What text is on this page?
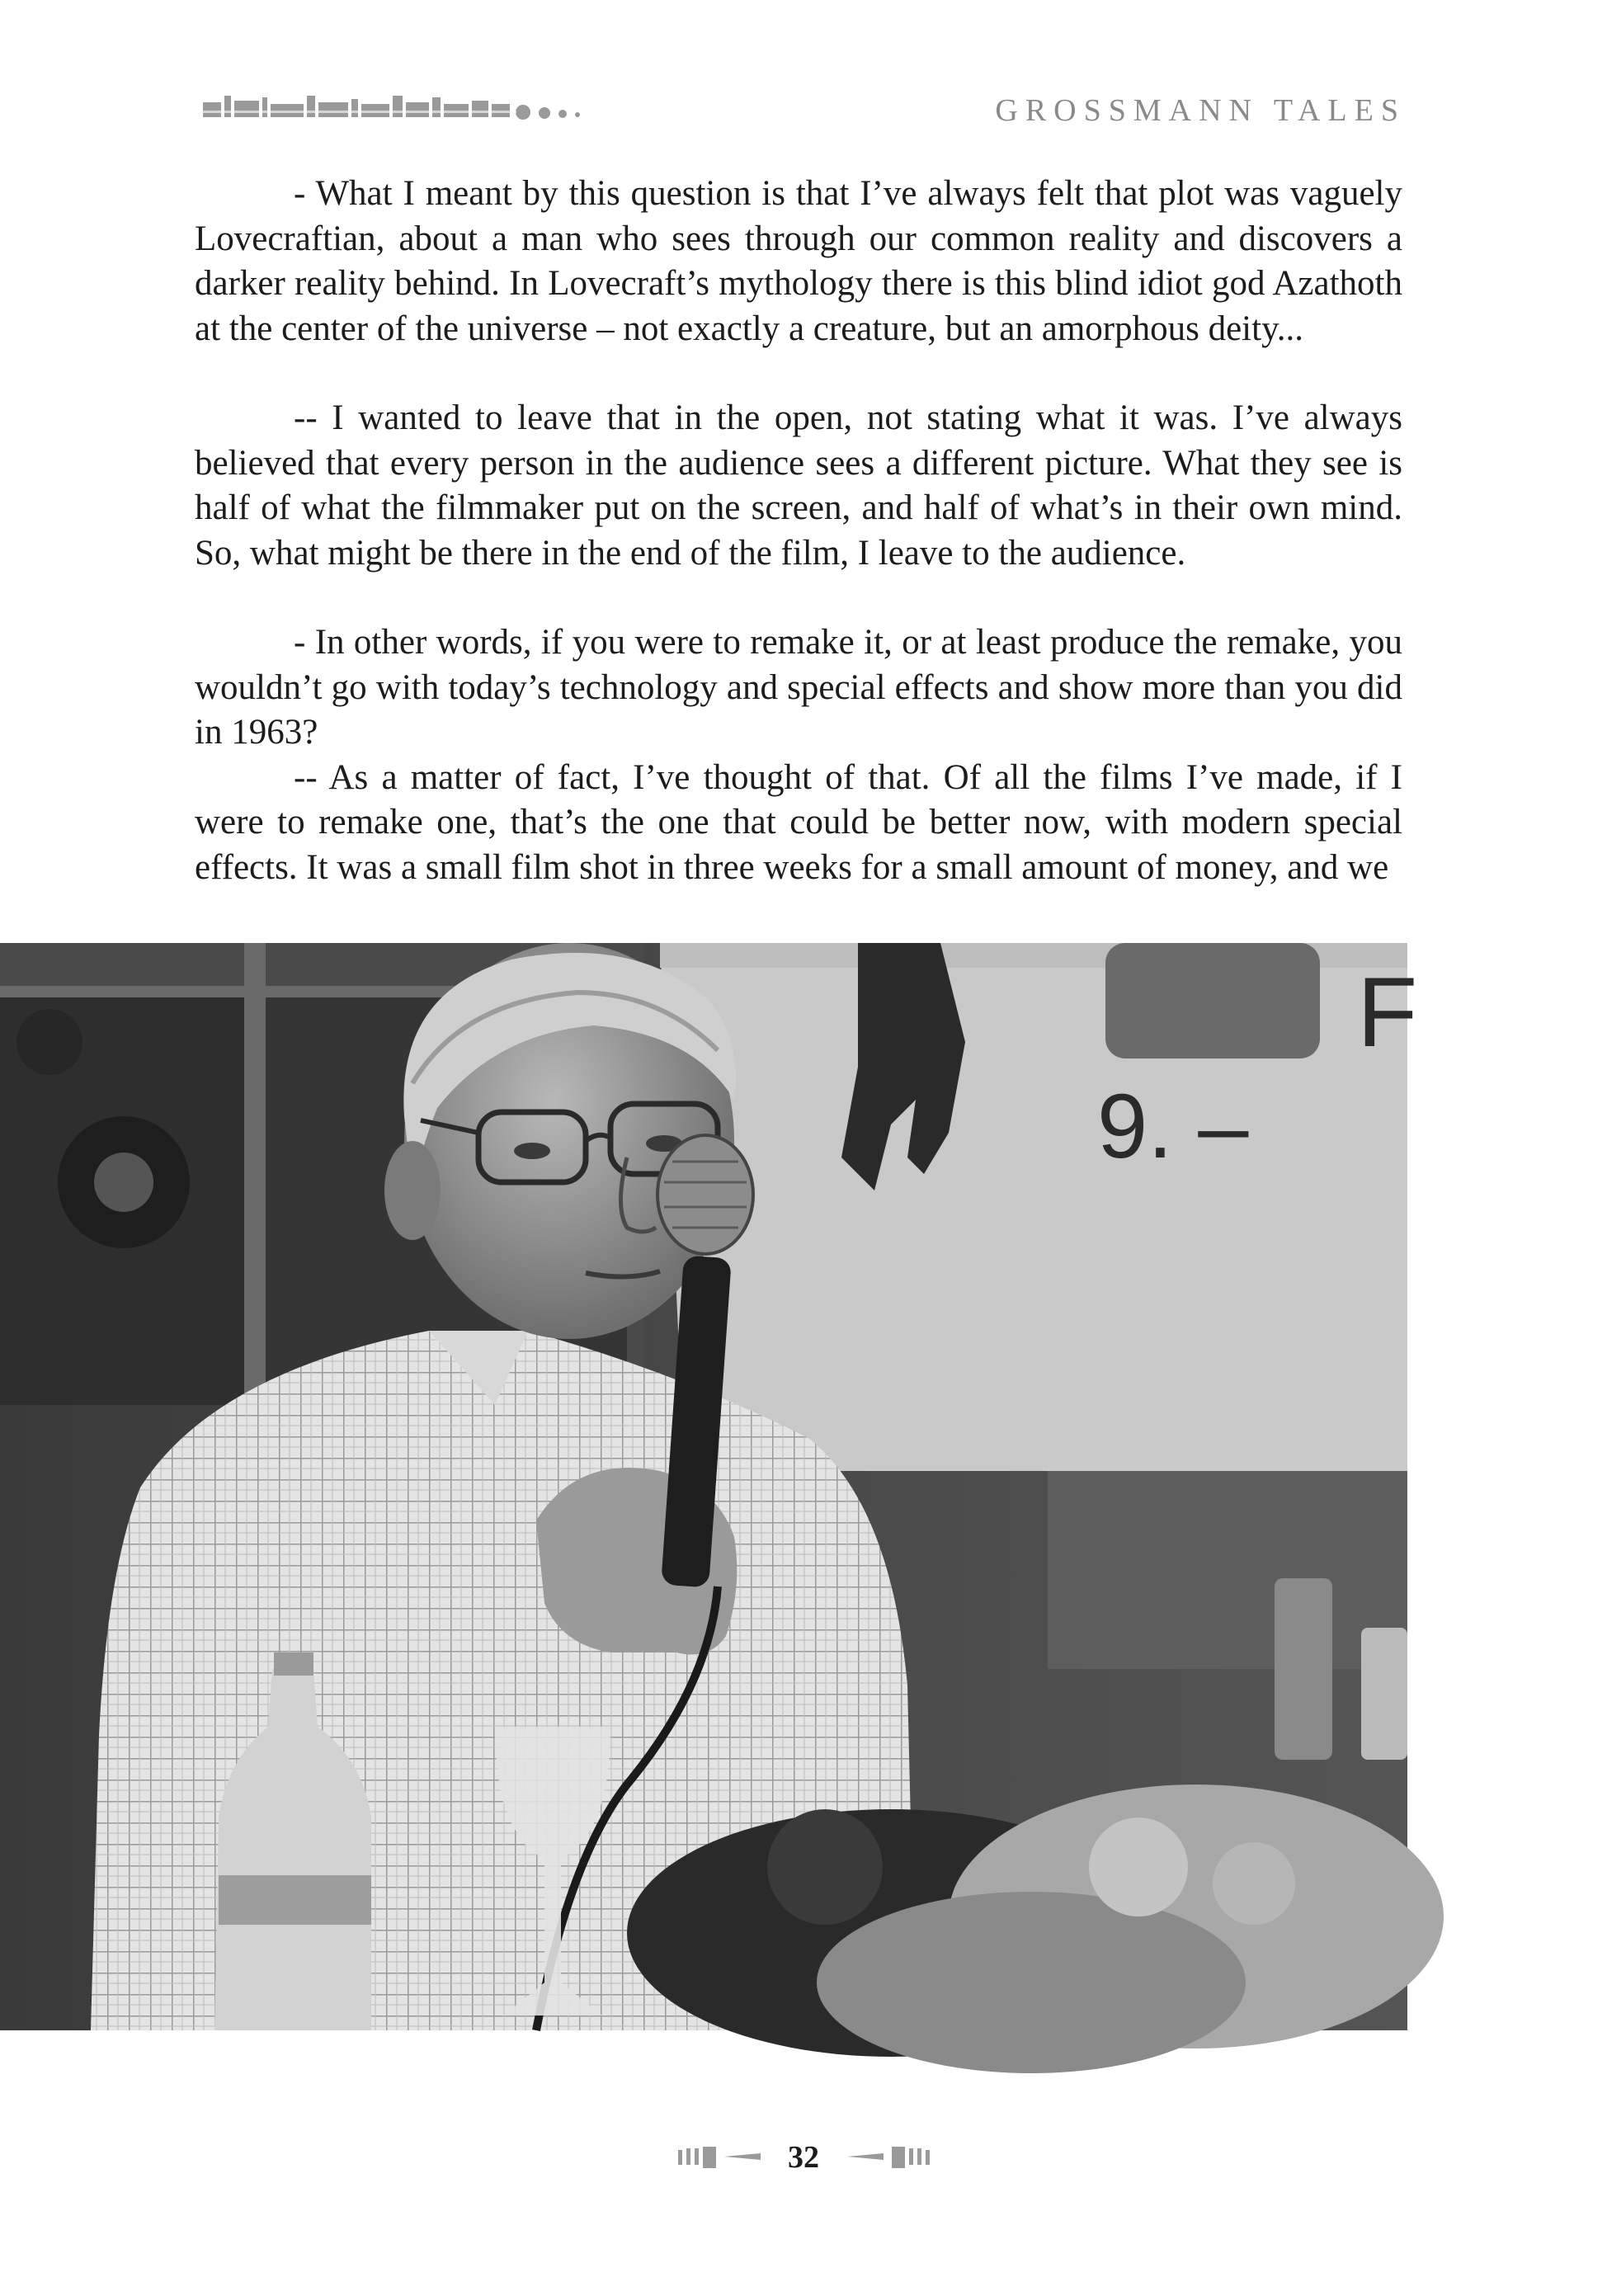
GROSSMANN TALES

- What I meant by this question is that I’ve always felt that plot was vaguely Lovecraftian, about a man who sees through our common reality and discovers a darker reality behind. In Lovecraft’s mythology there is this blind idiot god Azathoth at the center of the universe – not exactly a creature, but an amorphous deity...

-- I wanted to leave that in the open, not stating what it was. I’ve always believed that every person in the audience sees a different picture. What they see is half of what the filmmaker put on the screen, and half of what’s in their own mind. So, what might be there in the end of the film, I leave to the audience.

- In other words, if you were to remake it, or at least produce the remake, you wouldn’t go with today’s technology and special effects and show more than you did in 1963?

-- As a matter of fact, I’ve thought of that. Of all the films I’ve made, if I were to remake one, that’s the one that could be better now, with modern special effects. It was a small film shot in three weeks for a small amount of money, and we

F
9. –
32
